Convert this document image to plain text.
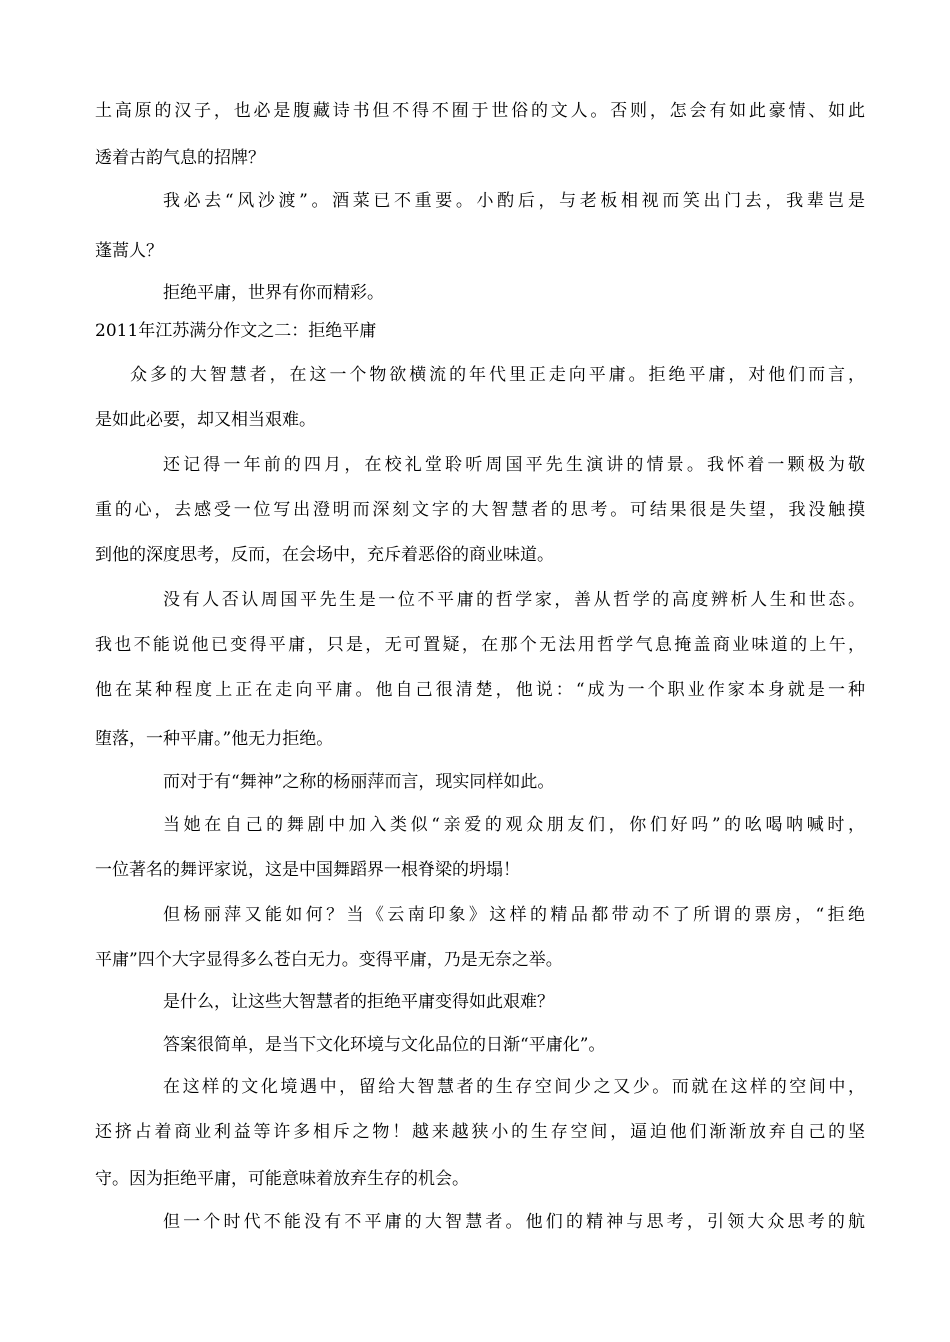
土高原的汉子，也必是腹藏诗书但不得不囿于世俗的文人。否则，怎会有如此豪情、如此
透着古韵气息的招牌？
我必去“风沙渡”。酒菜已不重要。小酌后，与老板相视而笑出门去，我辈岂是
蓬蒿人？
拒绝平庸，世界有你而精彩。
2011年江苏满分作文之二：拒绝平庸
众多的大智慧者，在这一个物欲横流的年代里正走向平庸。拒绝平庸，对他们而言，
是如此必要，却又相当艰难。
还记得一年前的四月，在校礼堂聆听周国平先生演讲的情景。我怀着一颗极为敬
重的心，去感受一位写出澄明而深刻文字的大智慧者的思考。可结果很是失望，我没触摸
到他的深度思考，反而，在会场中，充斥着恶俗的商业味道。
没有人否认周国平先生是一位不平庸的哲学家，善从哲学的高度辨析人生和世态。
我也不能说他已变得平庸，只是，无可置疑，在那个无法用哲学气息掩盖商业味道的上午，
他在某种程度上正在走向平庸。他自己很清楚，他说：“成为一个职业作家本身就是一种
堕落，一种平庸。”他无力拒绝。
而对于有“舞神”之称的杨丽萍而言，现实同样如此。
当她在自己的舞剧中加入类似“亲爱的观众朋友们，你们好吗”的吆喝呐喊时，
一位著名的舞评家说，这是中国舞蹈界一根脊梁的坍塌！
但杨丽萍又能如何？当《云南印象》这样的精品都带动不了所谓的票房，“拒绝
平庸”四个大字显得多么苍白无力。变得平庸，乃是无奈之举。
是什么，让这些大智慧者的拒绝平庸变得如此艰难？
答案很简单，是当下文化环境与文化品位的日渐“平庸化”。
在这样的文化境遇中，留给大智慧者的生存空间少之又少。而就在这样的空间中，
还挤占着商业利益等许多相斥之物！越来越狭小的生存空间，逼迫他们渐渐放弃自己的坚
守。因为拒绝平庸，可能意味着放弃生存的机会。
但一个时代不能没有不平庸的大智慧者。他们的精神与思考，引领大众思考的航
